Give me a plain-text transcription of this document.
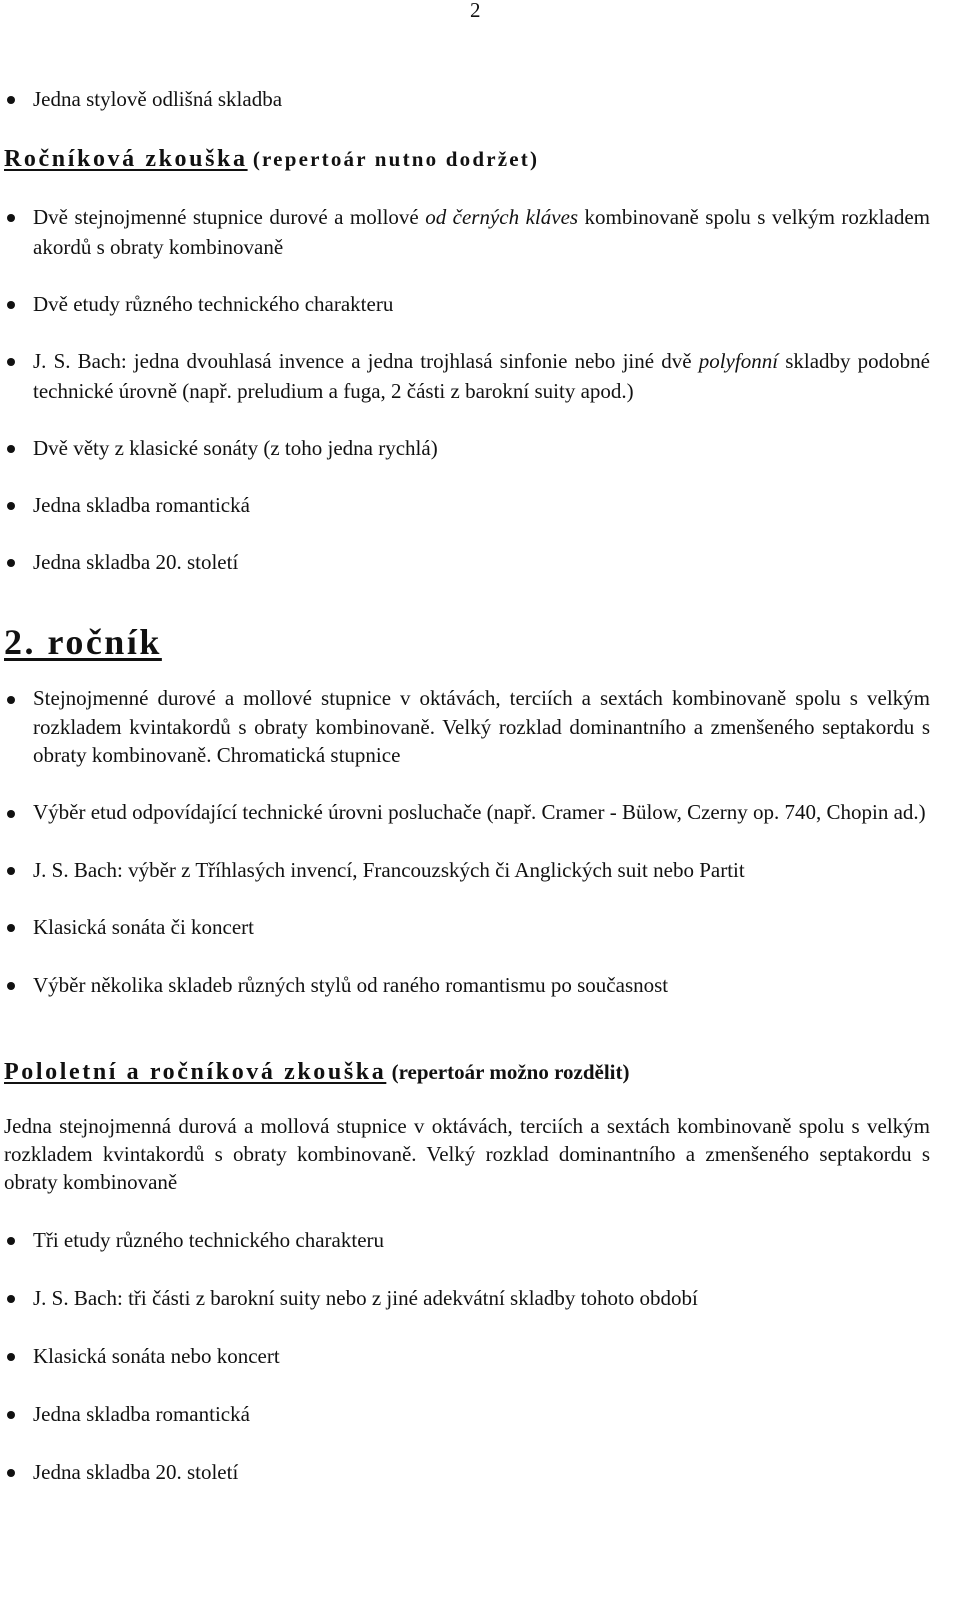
2
Jedna stylově odlišná skladba
Ročníková zkouška (repertoár nutno dodržet)
Dvě stejnojmenné stupnice durové a mollové od černých kláves kombinovaně spolu s velkým rozkladem akordů s obraty kombinovaně
Dvě etudy různého technického charakteru
J. S. Bach: jedna dvouhlasá invence a jedna trojhlasá sinfonie nebo jiné dvě polyfonní skladby podobné technické úrovně (např. preludium a fuga, 2 části z barokní suity apod.)
Dvě věty z klasické sonáty (z toho jedna rychlá)
Jedna skladba romantická
Jedna skladba 20. století
2. ročník
Stejnojmenné durové a mollové stupnice v oktávách, terciích a sextách kombinovaně spolu s velkým rozkladem kvintakordů s obraty kombinovaně. Velký rozklad dominantního a zmenšeného septakordu s obraty kombinovaně. Chromatická stupnice
Výběr etud odpovídající technické úrovni posluchače (např. Cramer - Bülow, Czerny op. 740, Chopin ad.)
J. S. Bach: výběr z Tříhlasých invencí, Francouzských či Anglických suit nebo Partit
Klasická sonáta či koncert
Výběr několika skladeb různých stylů od raného romantismu po současnost
Pololetní a ročníková zkouška (repertoár možno rozdělit)
Jedna stejnojmenná durová a mollová stupnice v oktávách, terciích a sextách kombinovaně spolu s velkým rozkladem kvintakordů s obraty kombinovaně. Velký rozklad dominantního a zmenšeného septakordu s obraty kombinovaně
Tři etudy různého technického charakteru
J. S. Bach: tři části z barokní suity nebo z jiné adekvátní skladby tohoto období
Klasická sonáta nebo koncert
Jedna skladba romantická
Jedna skladba 20. století
